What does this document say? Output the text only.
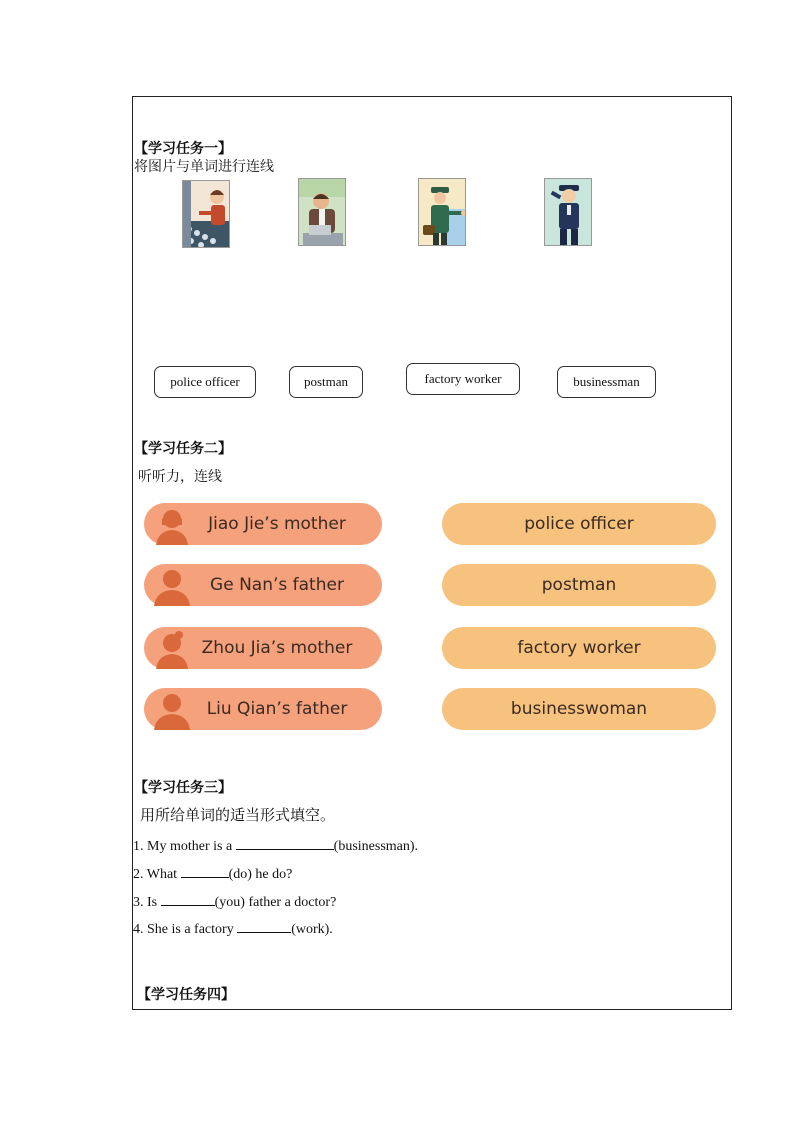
【学习任务一】
将图片与单词进行连线
police officer	postman	factory worker	businessman
【学习任务二】
听听力，连线
Jiao Jie’s mother
Ge Nan’s father
Zhou Jia’s mother
Liu Qian’s father
police officer
postman
factory worker
businesswoman
【学习任务三】
用所给单词的适当形式填空。
1. My mother is a	(businessman).
2. What	(do) he do?
3. Is	(you) father a doctor?
4. She is a factory	(work).
【学习任务四】
